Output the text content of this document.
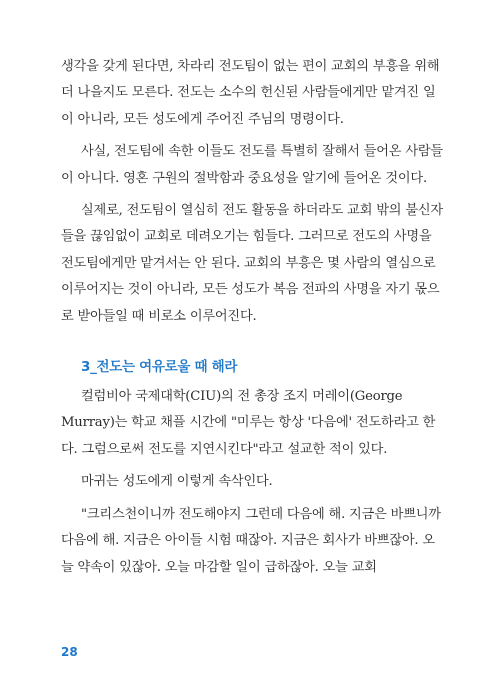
생각을 갖게 된다면, 차라리 전도팀이 없는 편이 교회의 부흥을 위해 더 나을지도 모른다. 전도는 소수의 헌신된 사람들에게만 맡겨진 일이 아니라, 모든 성도에게 주어진 주님의 명령이다.

사실, 전도팀에 속한 이들도 전도를 특별히 잘해서 들어온 사람들이 아니다. 영혼 구원의 절박함과 중요성을 알기에 들어온 것이다.

실제로, 전도팀이 열심히 전도 활동을 하더라도 교회 밖의 불신자들을 끊임없이 교회로 데려오기는 힘들다. 그러므로 전도의 사명을 전도팀에게만 맡겨서는 안 된다. 교회의 부흥은 몇 사람의 열심으로 이루어지는 것이 아니라, 모든 성도가 복음 전파의 사명을 자기 몫으로 받아들일 때 비로소 이루어진다.

3_전도는 여유로울 때 해라

컬럼비아 국제대학(CIU)의 전 총장 조지 머레이(George Murray)는 학교 채플 시간에 "미루는 항상 '다음에' 전도하라고 한다. 그럼으로써 전도를 지연시킨다"라고 설교한 적이 있다.

마귀는 성도에게 이렇게 속삭인다.

"크리스천이니까 전도해야지 그런데 다음에 해. 지금은 바쁘니까 다음에 해. 지금은 아이들 시험 때잖아. 지금은 회사가 바쁘잖아. 오늘 약속이 있잖아. 오늘 마감할 일이 급하잖아. 오늘 교회

28
